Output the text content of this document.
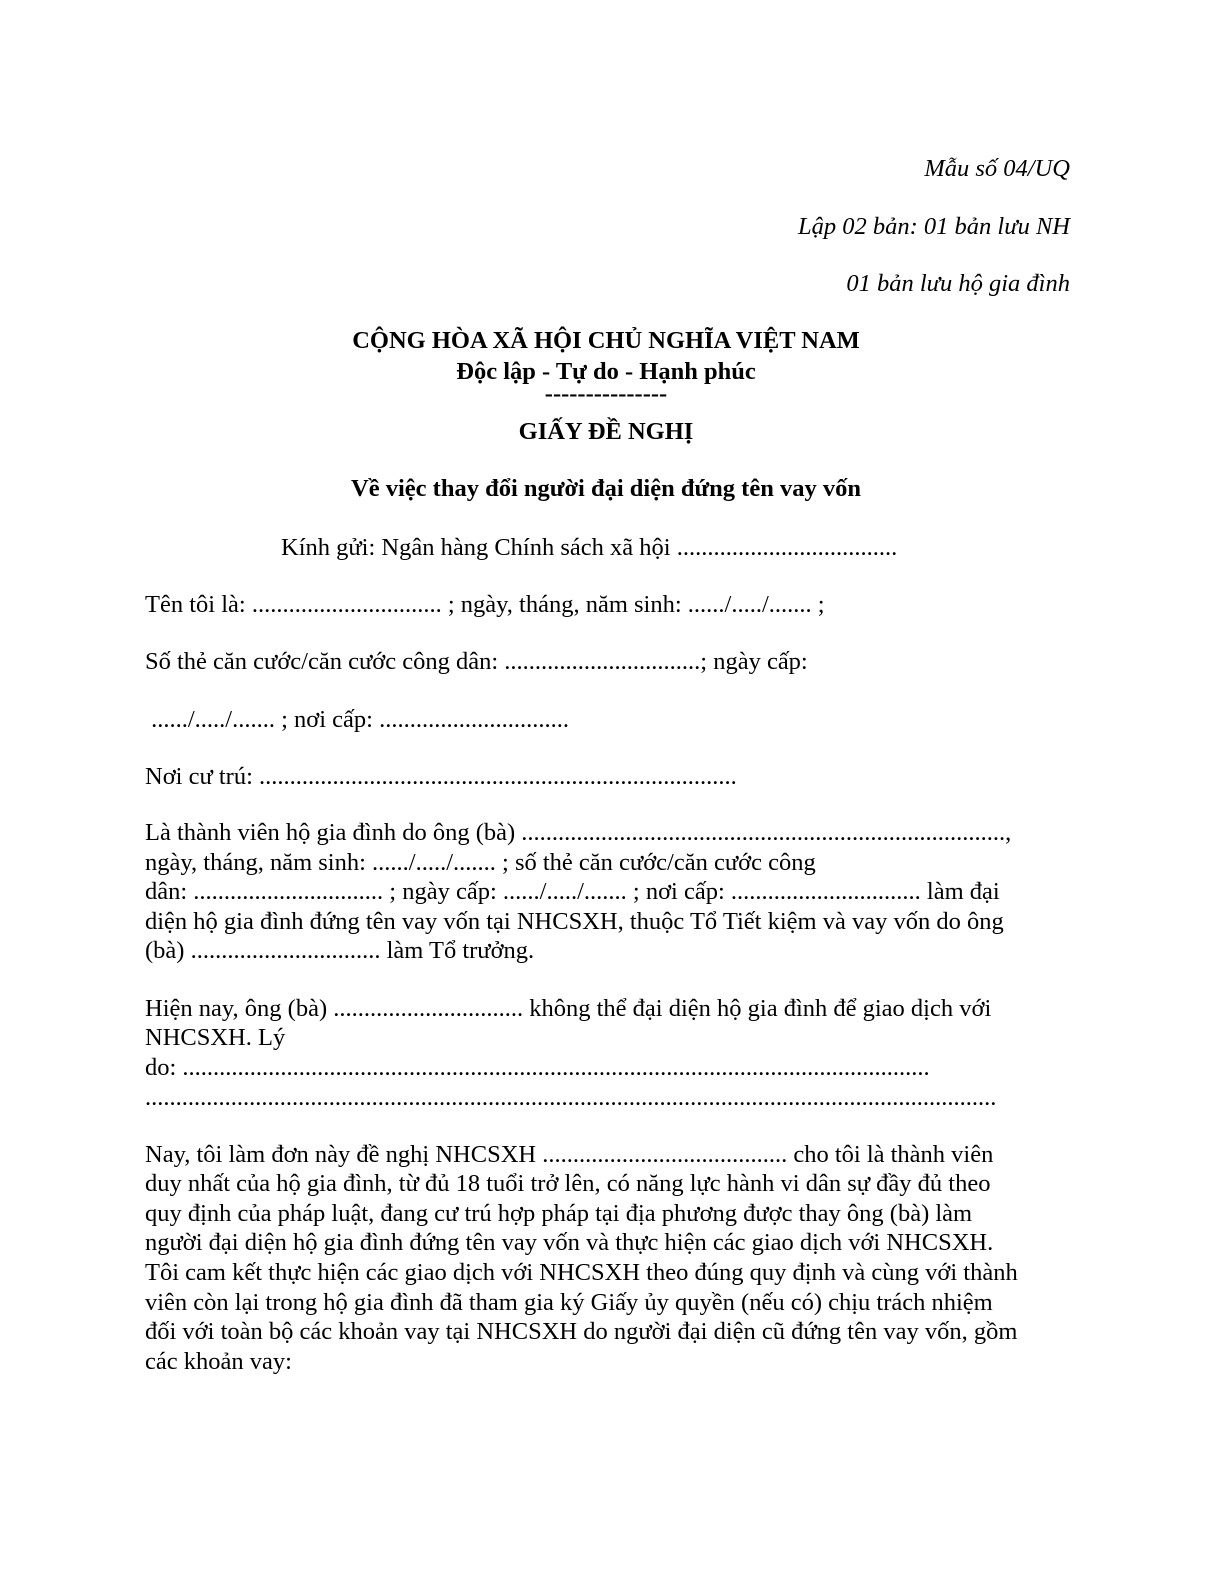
Mẫu số 04/UQ
Lập 02 bản: 01 bản lưu NH
01 bản lưu hộ gia đình
CỘNG HÒA XÃ HỘI CHỦ NGHĨA VIỆT NAM
Độc lập - Tự do - Hạnh phúc
---------------
GIẤY ĐỀ NGHỊ
Về việc thay đổi người đại diện đứng tên vay vốn
Kính gửi: Ngân hàng Chính sách xã hội ....................................
Tên tôi là: ............................... ; ngày, tháng, năm sinh: ....../...../....... ;
Số thẻ căn cước/căn cước công dân: ................................; ngày cấp:
....../...../....... ; nơi cấp: ...............................
Nơi cư trú: ..............................................................................
Là thành viên hộ gia đình do ông (bà) ...............................................................................,
ngày, tháng, năm sinh: ....../...../....... ; số thẻ căn cước/căn cước công
dân: ............................... ; ngày cấp: ....../...../....... ; nơi cấp: ............................... làm đại
diện hộ gia đình đứng tên vay vốn tại NHCSXH, thuộc Tổ Tiết kiệm và vay vốn do ông
(bà) ............................... làm Tổ trưởng.
Hiện nay, ông (bà) ............................... không thể đại diện hộ gia đình để giao dịch với
NHCSXH. Lý
do: ..........................................................................................................................
...........................................................................................................................................
Nay, tôi làm đơn này đề nghị NHCSXH ........................................ cho tôi là thành viên
duy nhất của hộ gia đình, từ đủ 18 tuổi trở lên, có năng lực hành vi dân sự đầy đủ theo
quy định của pháp luật, đang cư trú hợp pháp tại địa phương được thay ông (bà) làm
người đại diện hộ gia đình đứng tên vay vốn và thực hiện các giao dịch với NHCSXH.
Tôi cam kết thực hiện các giao dịch với NHCSXH theo đúng quy định và cùng với thành
viên còn lại trong hộ gia đình đã tham gia ký Giấy ủy quyền (nếu có) chịu trách nhiệm
đối với toàn bộ các khoản vay tại NHCSXH do người đại diện cũ đứng tên vay vốn, gồm
các khoản vay:
